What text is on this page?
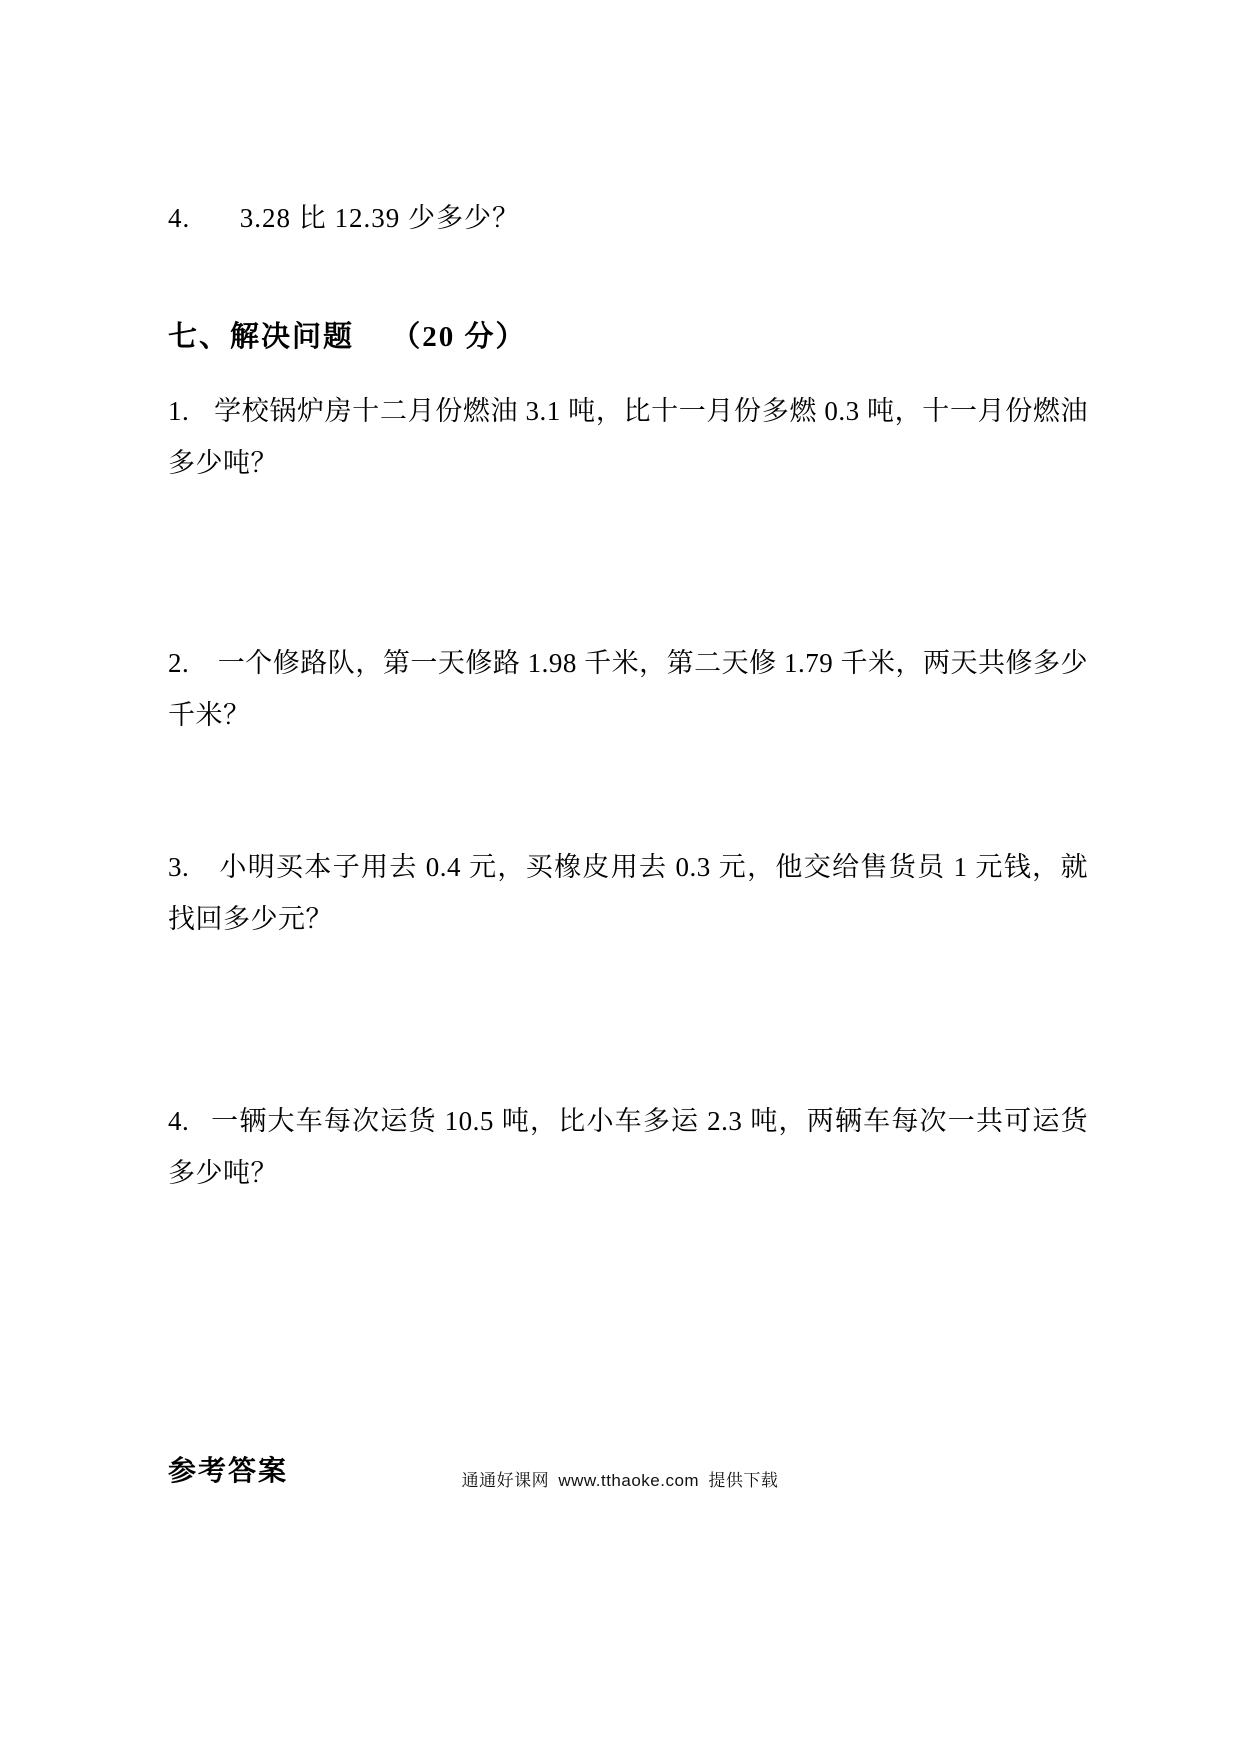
4. 3.28 比 12.39 少多少？
七、解决问题 （20 分）
1. 学校锅炉房十二月份燃油 3.1 吨，比十一月份多燃 0.3 吨，十一月份燃油多少吨？
2. 一个修路队，第一天修路 1.98 千米，第二天修 1.79 千米，两天共修多少千米？
3. 小明买本子用去 0.4 元，买橡皮用去 0.3 元，他交给售货员 1 元钱，就找回多少元？
4. 一辆大车每次运货 10.5 吨，比小车多运 2.3 吨，两辆车每次一共可运货多少吨？
参考答案	通通好课网 www.tthaoke.com 提供下载
